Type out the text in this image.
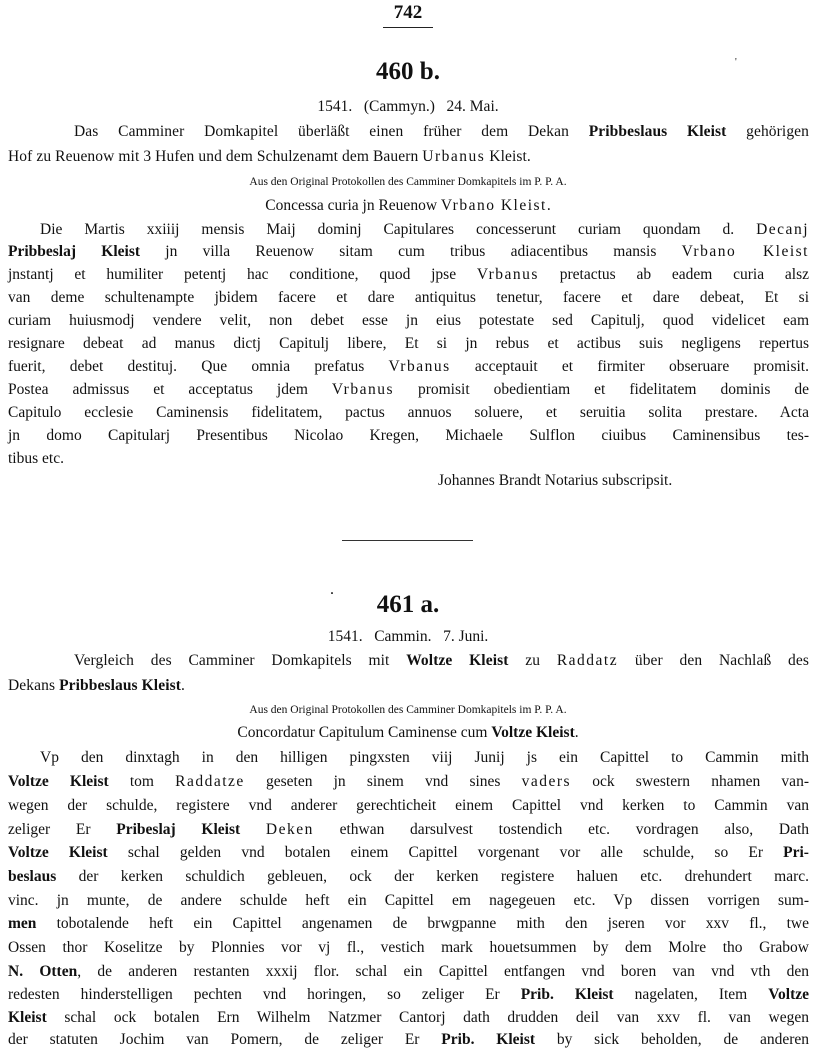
742
'
460 b.
1541.   (Cammyn.)   24. Mai.
Das Camminer Domkapitel überläßt einen früher dem Dekan Pribbeslaus Kleist gehörigen
Hof zu Reuenow mit 3 Hufen und dem Schulzenamt dem Bauern Urbanus Kleist.
Aus den Original Protokollen des Camminer Domkapitels im P. P. A.
Concessa curia jn Reuenow Vrbano Kleist.
Die Martis xxiiij mensis Maij dominj Capitulares concesserunt curiam quondam d. Decanj
Pribbeslaj Kleist jn villa Reuenow sitam cum tribus adiacentibus mansis Vrbano Kleist
jnstantj et humiliter petentj hac conditione, quod jpse Vrbanus pretactus ab eadem curia alsz
van deme schultenampte jbidem facere et dare antiquitus tenetur, facere et dare debeat, Et si
curiam huiusmodj vendere velit, non debet esse jn eius potestate sed Capitulj, quod videlicet eam
resignare debeat ad manus dictj Capitulj libere, Et si jn rebus et actibus suis negligens repertus
fuerit, debet destituj. Que omnia prefatus Vrbanus acceptauit et firmiter obseruare promisit.
Postea admissus et acceptatus jdem Vrbanus promisit obedientiam et fidelitatem dominis de
Capitulo ecclesie Caminensis fidelitatem, pactus annuos soluere, et seruitia solita prestare. Acta
jn domo Capitularj Presentibus Nicolao Kregen, Michaele Sulflon ciuibus Caminensibus tes-
tibus etc.
Johannes Brandt Notarius subscripsit.
·	461 a.
1541.   Cammin.   7. Juni.
Vergleich des Camminer Domkapitels mit Woltze Kleist zu Raddatz über den Nachlaß des
Dekans Pribbeslaus Kleist.
Aus den Original Protokollen des Camminer Domkapitels im P. P. A.
Concordatur Capitulum Caminense cum Voltze Kleist.
Vp den dinxtagh in den hilligen pingxsten viij Junij js ein Capittel to Cammin mith
Voltze Kleist tom Raddatze geseten jn sinem vnd sines vaders ock swestern nhamen van-
wegen der schulde, registere vnd anderer gerechticheit einem Capittel vnd kerken to Cammin van
zeliger Er Pribeslaj Kleist Deken ethwan darsulvest tostendich etc. vordragen also, Dath
Voltze Kleist schal gelden vnd botalen einem Capittel vorgenant vor alle schulde, so Er Pri-
beslaus der kerken schuldich gebleuen, ock der kerken registere haluen etc. drehundert marc.
vinc. jn munte, de andere schulde heft ein Capittel em nagegeuen etc. Vp dissen vorrigen sum-
men tobotalende heft ein Capittel angenamen de brwgpanne mith den jseren vor xxv fl., twe
Ossen thor Koselitze by Plonnies vor vj fl., vestich mark houetsummen by dem Molre tho Grabow
N. Otten, de anderen restanten xxxij flor. schal ein Capittel entfangen vnd boren van vnd vth den
redesten hinderstelligen pechten vnd horingen, so zeliger Er Prib. Kleist nagelaten, Item Voltze
Kleist schal ock botalen Ern Wilhelm Natzmer Cantorj dath drudden deil van xxv fl. van wegen
der statuten Jochim van Pomern, de zeliger Er Prib. Kleist by sick beholden, de anderen
